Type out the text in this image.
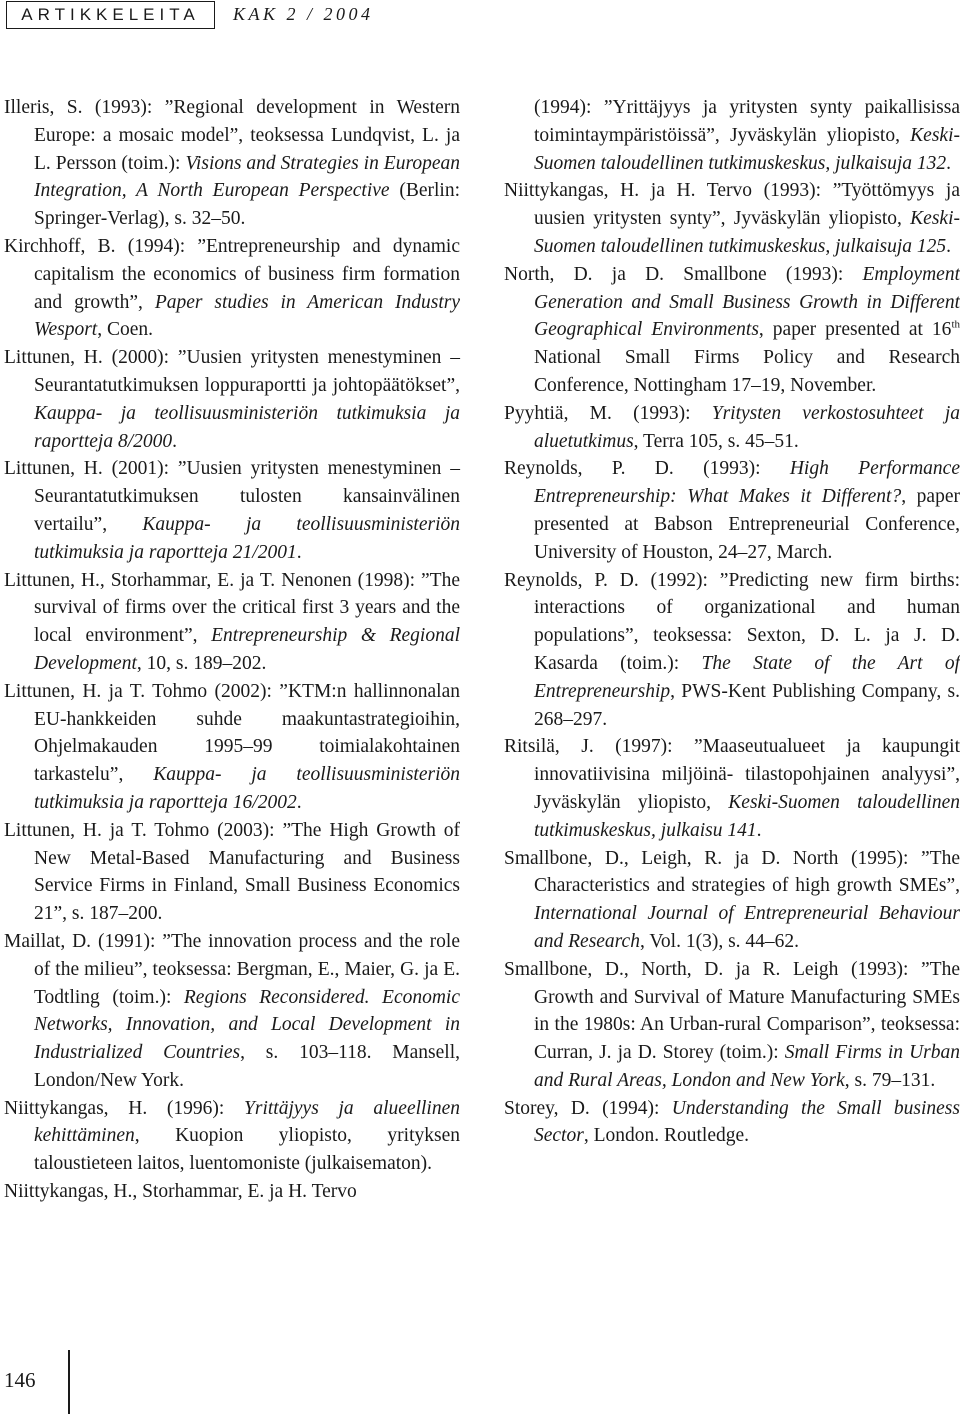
ARTIKKELEITA	KAK 2 / 2004

Illeris, S. (1993): ”Regional development in Western Europe: a mosaic model”, teoksessa Lundqvist, L. ja L. Persson (toim.): Visions and Strategies in European Integration, A North European Perspective (Berlin: Springer-Verlag), s. 32–50.

Kirchhoff, B. (1994): ”Entrepreneurship and dynamic capitalism the economics of business firm formation and growth”, Paper studies in American Industry Wesport, Coen.

Littunen, H. (2000): ”Uusien yritysten menestyminen – Seurantatutkimuksen loppuraportti ja johtopäätökset”, Kauppa- ja teollisuusministeriön tutkimuksia ja raportteja 8/2000.

Littunen, H. (2001): ”Uusien yritysten menestyminen – Seurantatutkimuksen tulosten kansainvälinen vertailu”, Kauppa- ja teollisuusministeriön tutkimuksia ja raportteja 21/2001.

Littunen, H., Storhammar, E. ja T. Nenonen (1998): ”The survival of firms over the critical first 3 years and the local environment”, Entrepreneurship & Regional Development, 10, s. 189–202.

Littunen, H. ja T. Tohmo (2002): ”KTM:n hallinnonalan EU-hankkeiden suhde maakuntastrategioihin, Ohjelmakauden 1995–99 toimialakohtainen tarkastelu”, Kauppa- ja teollisuusministeriön tutkimuksia ja raportteja 16/2002.

Littunen, H. ja T. Tohmo (2003): ”The High Growth of New Metal-Based Manufacturing and Business Service Firms in Finland, Small Business Economics 21”, s. 187–200.

Maillat, D. (1991): ”The innovation process and the role of the milieu”, teoksessa: Bergman, E., Maier, G. ja E. Todtling (toim.): Regions Reconsidered. Economic Networks, Innovation, and Local Development in Industrialized Countries, s. 103–118. Mansell, London/New York.

Niittykangas, H. (1996): Yrittäjyys ja alueellinen kehittäminen, Kuopion yliopisto, yrityksen taloustieteen laitos, luentomoniste (julkaisematon).

Niittykangas, H., Storhammar, E. ja H. Tervo

(1994): ”Yrittäjyys ja yritysten synty paikallisissa toimintaympäristöissä”, Jyväskylän yliopisto, Keski-Suomen taloudellinen tutkimuskeskus, julkaisuja 132.

Niittykangas, H. ja H. Tervo (1993): ”Työttömyys ja uusien yritysten synty”, Jyväskylän yliopisto, Keski-Suomen taloudellinen tutkimuskeskus, julkaisuja 125.

North, D. ja D. Smallbone (1993): Employment Generation and Small Business Growth in Different Geographical Environments, paper presented at 16th National Small Firms Policy and Research Conference, Nottingham 17–19, November.

Pyyhtiä, M. (1993): Yritysten verkostosuhteet ja aluetutkimus, Terra 105, s. 45–51.

Reynolds, P. D. (1993): High Performance Entrepreneurship: What Makes it Different?, paper presented at Babson Entrepreneurial Conference, University of Houston, 24–27, March.

Reynolds, P. D. (1992): ”Predicting new firm births: interactions of organizational and human populations”, teoksessa: Sexton, D. L. ja J. D. Kasarda (toim.): The State of the Art of Entrepreneurship, PWS-Kent Publishing Company, s. 268–297.

Ritsilä, J. (1997): ”Maaseutualueet ja kaupungit innovatiivisina miljöinä- tilastopohjainen analyysi”, Jyväskylän yliopisto, Keski-Suomen taloudellinen tutkimuskeskus, julkaisu 141.

Smallbone, D., Leigh, R. ja D. North (1995): ”The Characteristics and strategies of high growth SMEs”, International Journal of Entrepreneurial Behaviour and Research, Vol. 1(3), s. 44–62.

Smallbone, D., North, D. ja R. Leigh (1993): ”The Growth and Survival of Mature Manufacturing SMEs in the 1980s: An Urban-rural Comparison”, teoksessa: Curran, J. ja D. Storey (toim.): Small Firms in Urban and Rural Areas, London and New York, s. 79–131.

Storey, D. (1994): Understanding the Small business Sector, London. Routledge.

146
